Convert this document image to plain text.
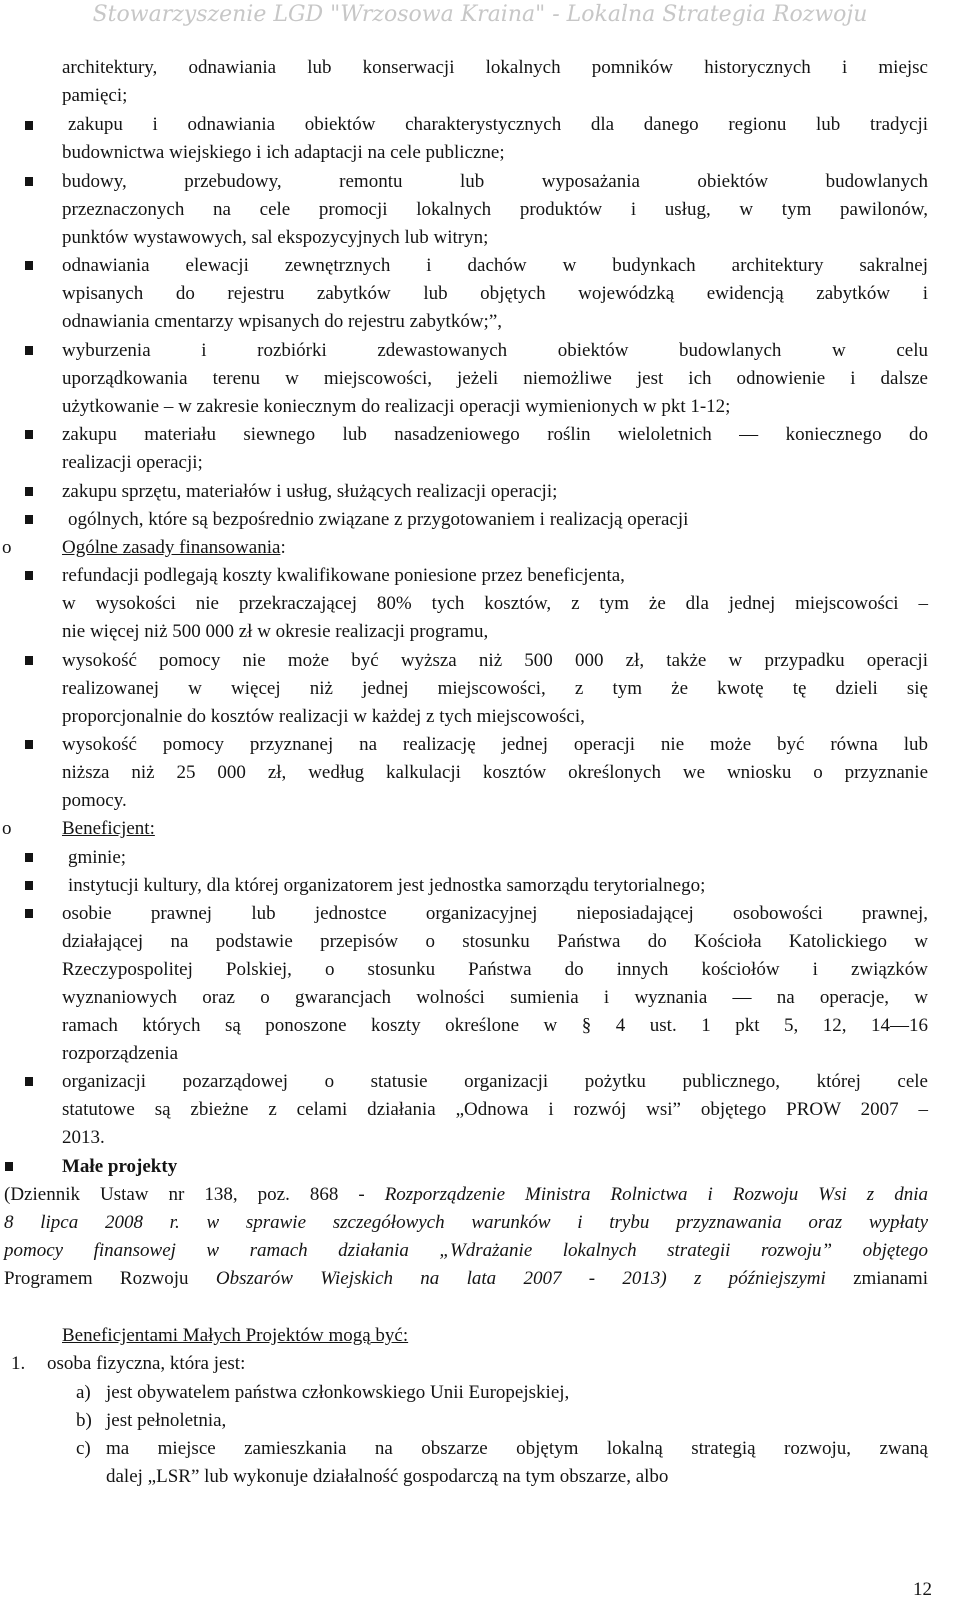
Stowarzyszenie LGD "Wrzosowa Kraina" - Lokalna Strategia Rozwoju
architektury, odnawiania lub konserwacji lokalnych pomników historycznych i miejsc
pamięci;
zakupu i odnawiania obiektów charakterystycznych dla danego regionu lub tradycji
budownictwa wiejskiego i ich adaptacji na cele publiczne;
budowy, przebudowy, remontu lub wyposażania obiektów budowlanych
przeznaczonych na cele promocji lokalnych produktów i usług, w tym pawilonów,
punktów wystawowych, sal ekspozycyjnych lub witryn;
odnawiania elewacji zewnętrznych i dachów w budynkach architektury sakralnej
wpisanych do rejestru zabytków lub objętych wojewódzką ewidencją zabytków i
odnawiania cmentarzy wpisanych do rejestru zabytków;”,
wyburzenia i rozbiórki zdewastowanych obiektów budowlanych w celu
uporządkowania terenu w miejscowości, jeżeli niemożliwe jest ich odnowienie i dalsze
użytkowanie – w zakresie koniecznym do realizacji operacji wymienionych w pkt 1-12;
zakupu materiału siewnego lub nasadzeniowego roślin wieloletnich — koniecznego do
realizacji operacji;
zakupu sprzętu, materiałów i usług, służących realizacji operacji;
ogólnych, które są bezpośrednio związane z przygotowaniem i realizacją operacji
o	Ogólne zasady finansowania:
refundacji podlegają koszty kwalifikowane poniesione przez beneficjenta,
w wysokości nie przekraczającej 80% tych kosztów, z tym że dla jednej miejscowości –
nie więcej niż 500 000 zł w okresie realizacji programu,
wysokość pomocy nie może być wyższa niż 500 000 zł, także w przypadku operacji
realizowanej w więcej niż jednej miejscowości, z tym że kwotę tę dzieli się
proporcjonalnie do kosztów realizacji w każdej z tych miejscowości,
wysokość pomocy przyznanej na realizację jednej operacji nie może być równa lub
niższa niż 25 000 zł, według kalkulacji kosztów określonych we wniosku o przyznanie
pomocy.
o	Beneficjent:
gminie;
instytucji kultury, dla której organizatorem jest jednostka samorządu terytorialnego;
osobie prawnej lub jednostce organizacyjnej nieposiadającej osobowości prawnej,
działającej na podstawie przepisów o stosunku Państwa do Kościoła Katolickiego w
Rzeczypospolitej Polskiej, o stosunku Państwa do innych kościołów i związków
wyznaniowych oraz o gwarancjach wolności sumienia i wyznania — na operacje, w
ramach których są ponoszone koszty określone w § 4 ust. 1 pkt 5, 12, 14—16
rozporządzenia
organizacji pozarządowej o statusie organizacji pożytku publicznego, której cele
statutowe są zbieżne z celami działania „Odnowa i rozwój wsi” objętego PROW 2007 –
2013.
Małe projekty
(Dziennik Ustaw nr 138, poz. 868 - Rozporządzenie Ministra Rolnictwa i Rozwoju Wsi z dnia
8 lipca 2008 r. w sprawie szczegółowych warunków i trybu przyznawania oraz wypłaty
pomocy finansowej w ramach działania „Wdrażanie lokalnych strategii rozwoju” objętego
Programem Rozwoju Obszarów Wiejskich na lata 2007 - 2013) z późniejszymi zmianami
Beneficjentami Małych Projektów mogą być:
1. osoba fizyczna, która jest:
a) jest obywatelem państwa członkowskiego Unii Europejskiej,
b) jest pełnoletnia,
c) ma miejsce zamieszkania na obszarze objętym lokalną strategią rozwoju, zwaną
dalej „LSR” lub wykonuje działalność gospodarczą na tym obszarze, albo
12
